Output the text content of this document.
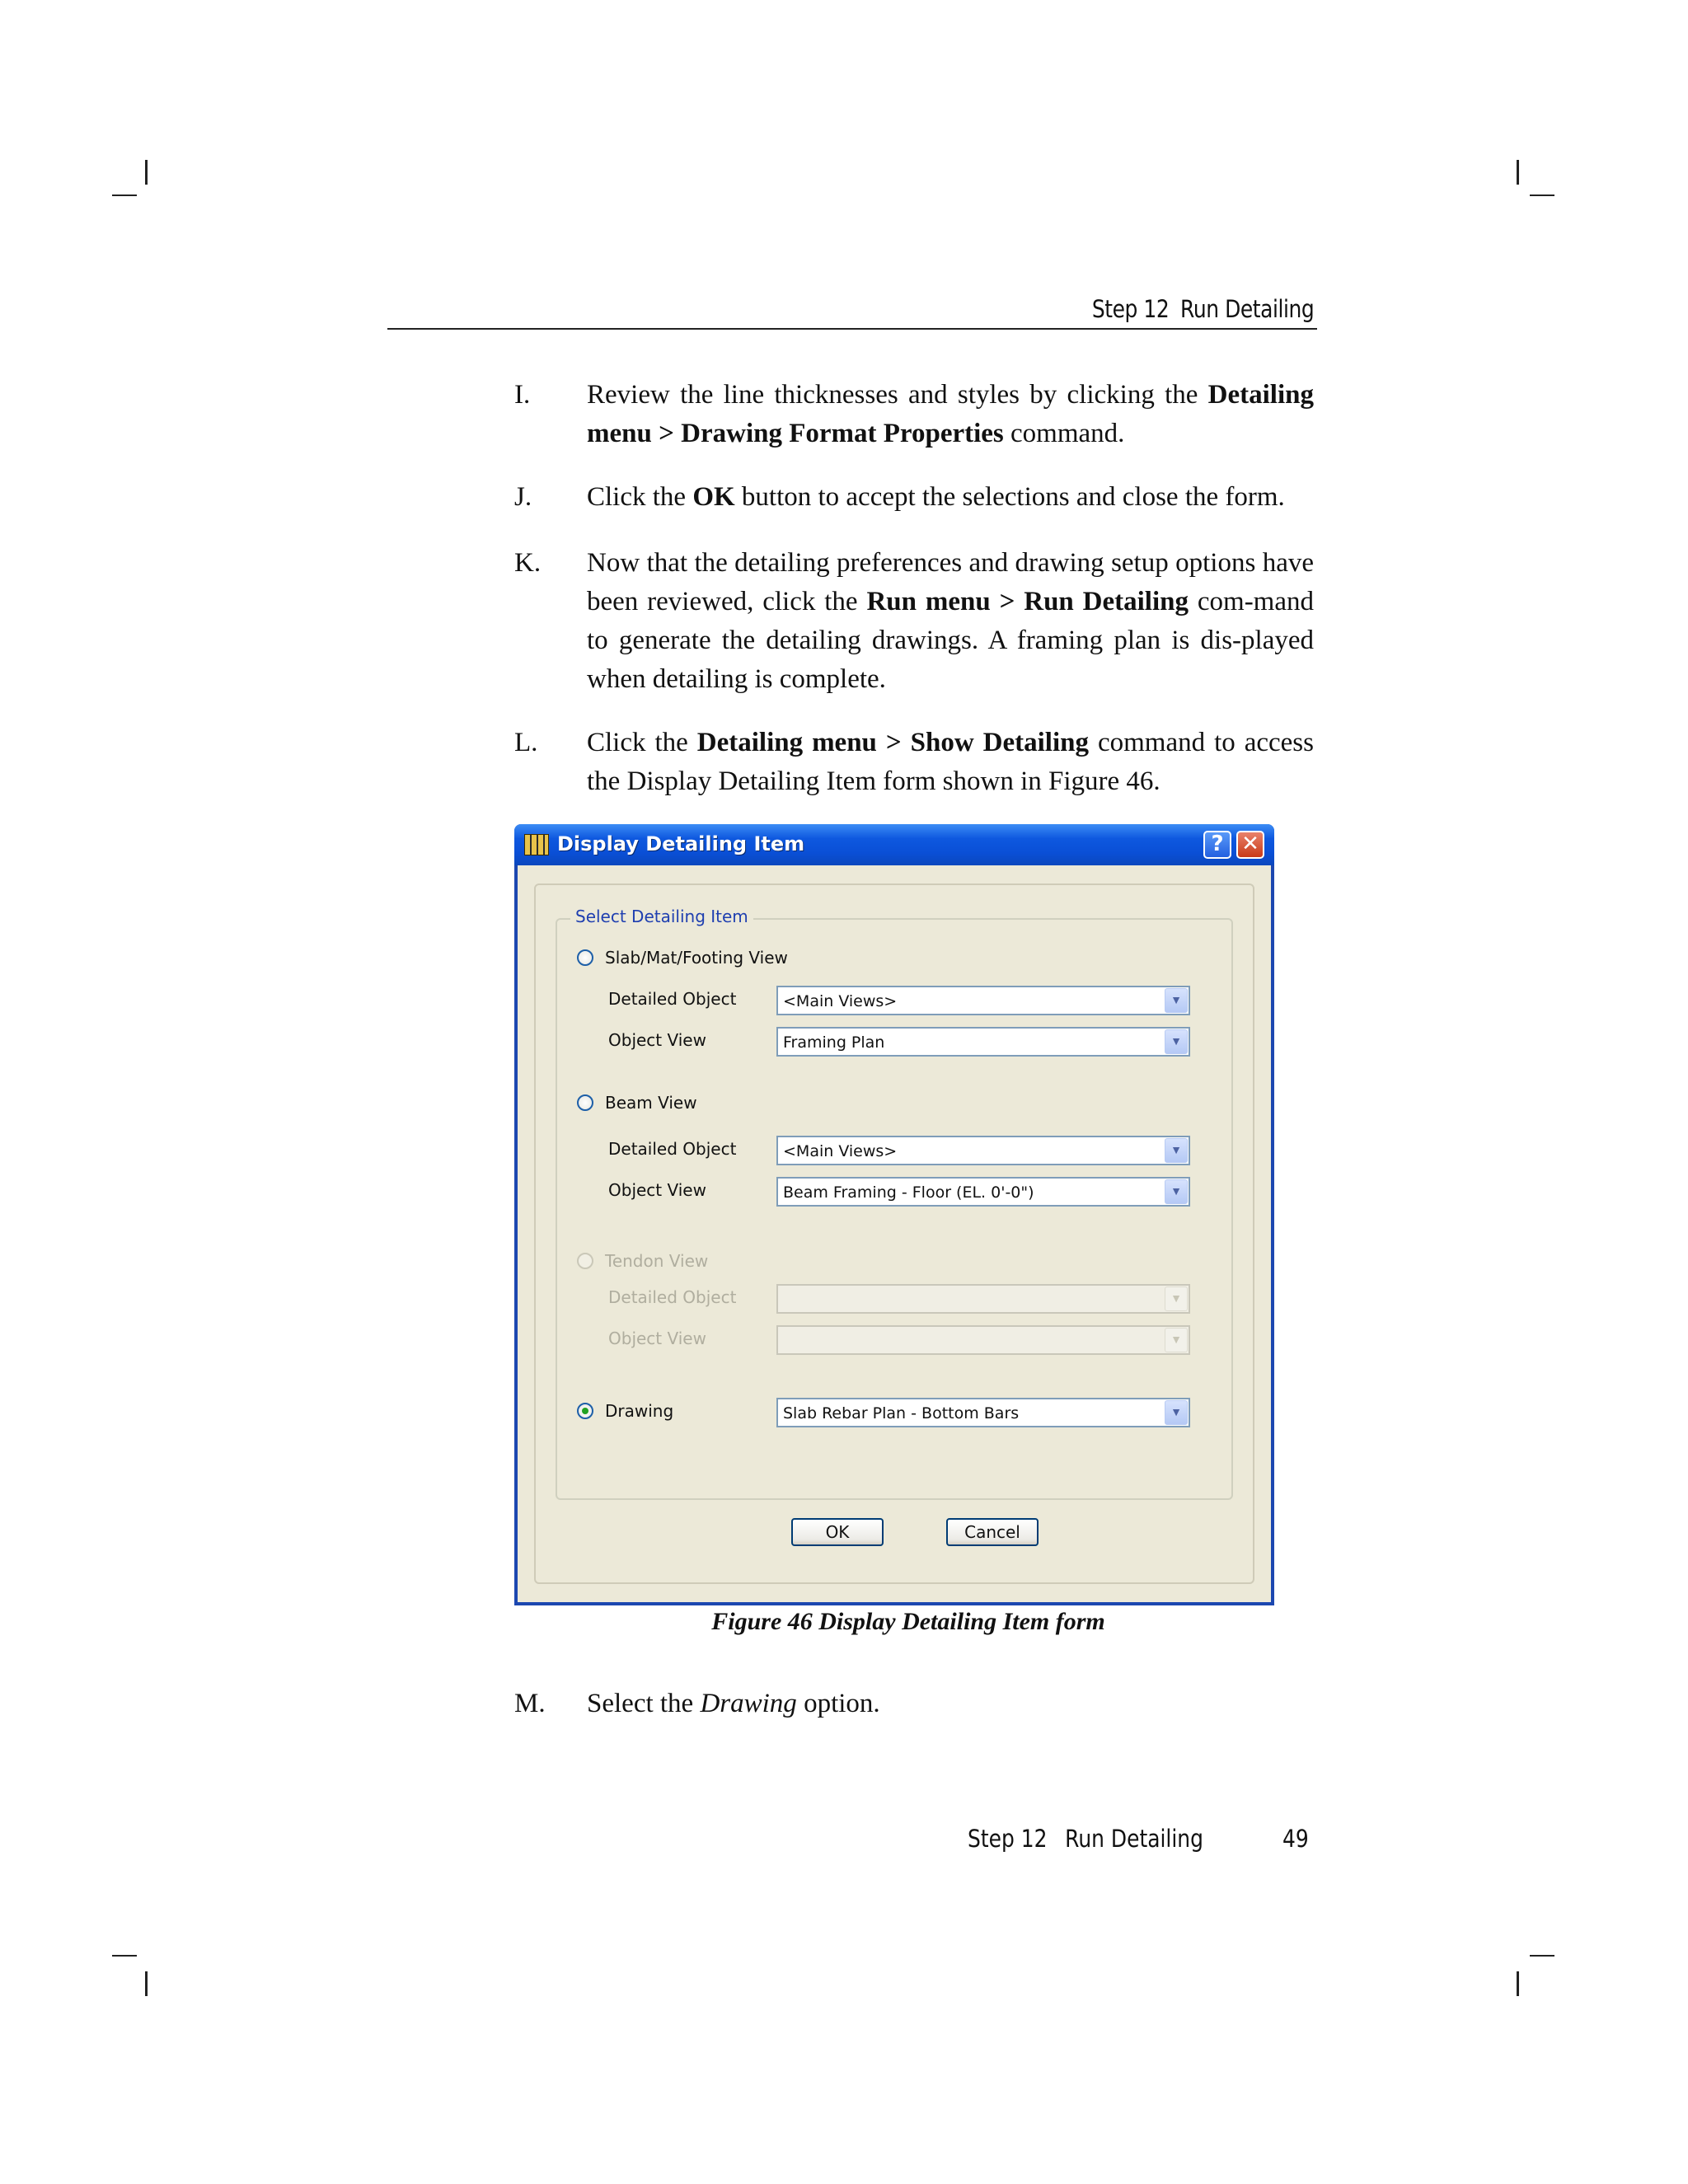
Step 12 Run Detailing
I. Review the line thicknesses and styles by clicking the Detailing menu > Drawing Format Properties command.
J. Click the OK button to accept the selections and close the form.
K. Now that the detailing preferences and drawing setup options have been reviewed, click the Run menu > Run Detailing com-mand to generate the detailing drawings. A framing plan is dis-played when detailing is complete.
L. Click the Detailing menu > Show Detailing command to access the Display Detailing Item form shown in Figure 46.
Display Detailing Item	? ✕
Select Detailing Item
Slab/Mat/Footing View
Detailed Object	<Main Views>	▼
Object View	Framing Plan	▼
Beam View
Detailed Object	<Main Views>	▼
Object View	Beam Framing - Floor (EL. 0'-0")	▼
Tendon View
Detailed Object	▼
Object View	▼
Drawing	Slab Rebar Plan - Bottom Bars	▼
OK	Cancel
Figure 46 Display Detailing Item form
M. Select the Drawing option.
Step 12 Run Detailing	49
